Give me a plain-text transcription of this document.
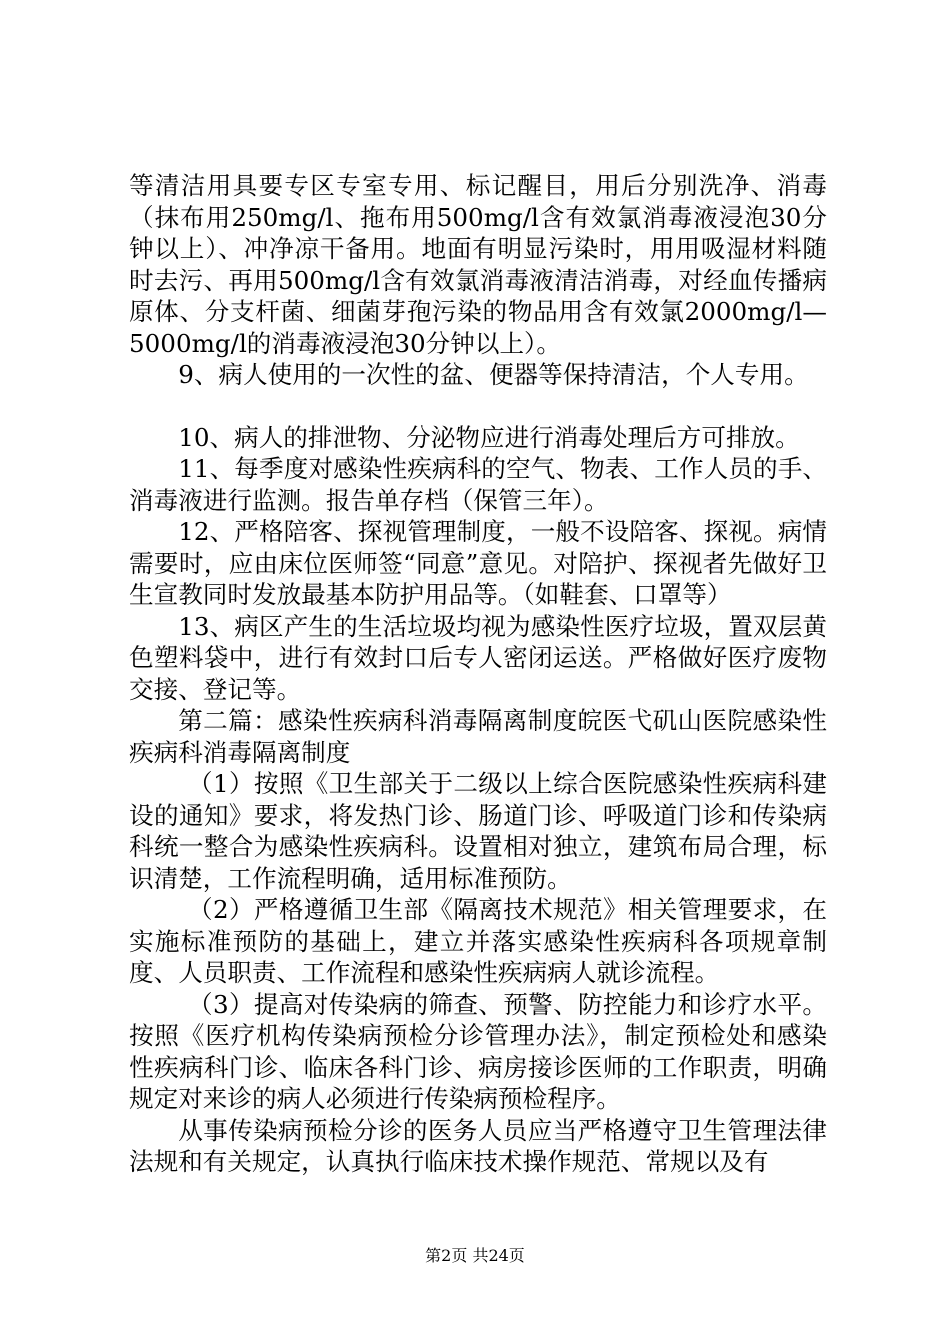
等清洁用具要专区专室专用、标记醒目，用后分别洗净、消毒（抹布用250mg/l、拖布用500mg/l含有效氯消毒液浸泡30分钟以上）、冲净凉干备用。地面有明显污染时，用用吸湿材料随时去污、再用500mg/l含有效氯消毒液清洁消毒，对经血传播病原体、分支杆菌、细菌芽孢污染的物品用含有效氯2000mg/l—5000mg/l的消毒液浸泡30分钟以上）。

9、病人使用的一次性的盆、便器等保持清洁，个人专用。

10、病人的排泄物、分泌物应进行消毒处理后方可排放。

11、每季度对感染性疾病科的空气、物表、工作人员的手、消毒液进行监测。报告单存档（保管三年）。

12、严格陪客、探视管理制度，一般不设陪客、探视。病情需要时，应由床位医师签“同意”意见。对陪护、探视者先做好卫生宣教同时发放最基本防护用品等。（如鞋套、口罩等）

13、病区产生的生活垃圾均视为感染性医疗垃圾，置双层黄色塑料袋中，进行有效封口后专人密闭运送。严格做好医疗废物交接、登记等。

第二篇：感染性疾病科消毒隔离制度皖医弋矶山医院感染性疾病科消毒隔离制度

（1）按照《卫生部关于二级以上综合医院感染性疾病科建设的通知》要求，将发热门诊、肠道门诊、呼吸道门诊和传染病科统一整合为感染性疾病科。设置相对独立，建筑布局合理，标识清楚，工作流程明确，适用标准预防。

（2）严格遵循卫生部《隔离技术规范》相关管理要求，在实施标准预防的基础上，建立并落实感染性疾病科各项规章制度、人员职责、工作流程和感染性疾病病人就诊流程。

（3）提高对传染病的筛查、预警、防控能力和诊疗水平。按照《医疗机构传染病预检分诊管理办法》，制定预检处和感染性疾病科门诊、临床各科门诊、病房接诊医师的工作职责，明确规定对来诊的病人必须进行传染病预检程序。

从事传染病预检分诊的医务人员应当严格遵守卫生管理法律法规和有关规定，认真执行临床技术操作规范、常规以及有

第2页 共24页
